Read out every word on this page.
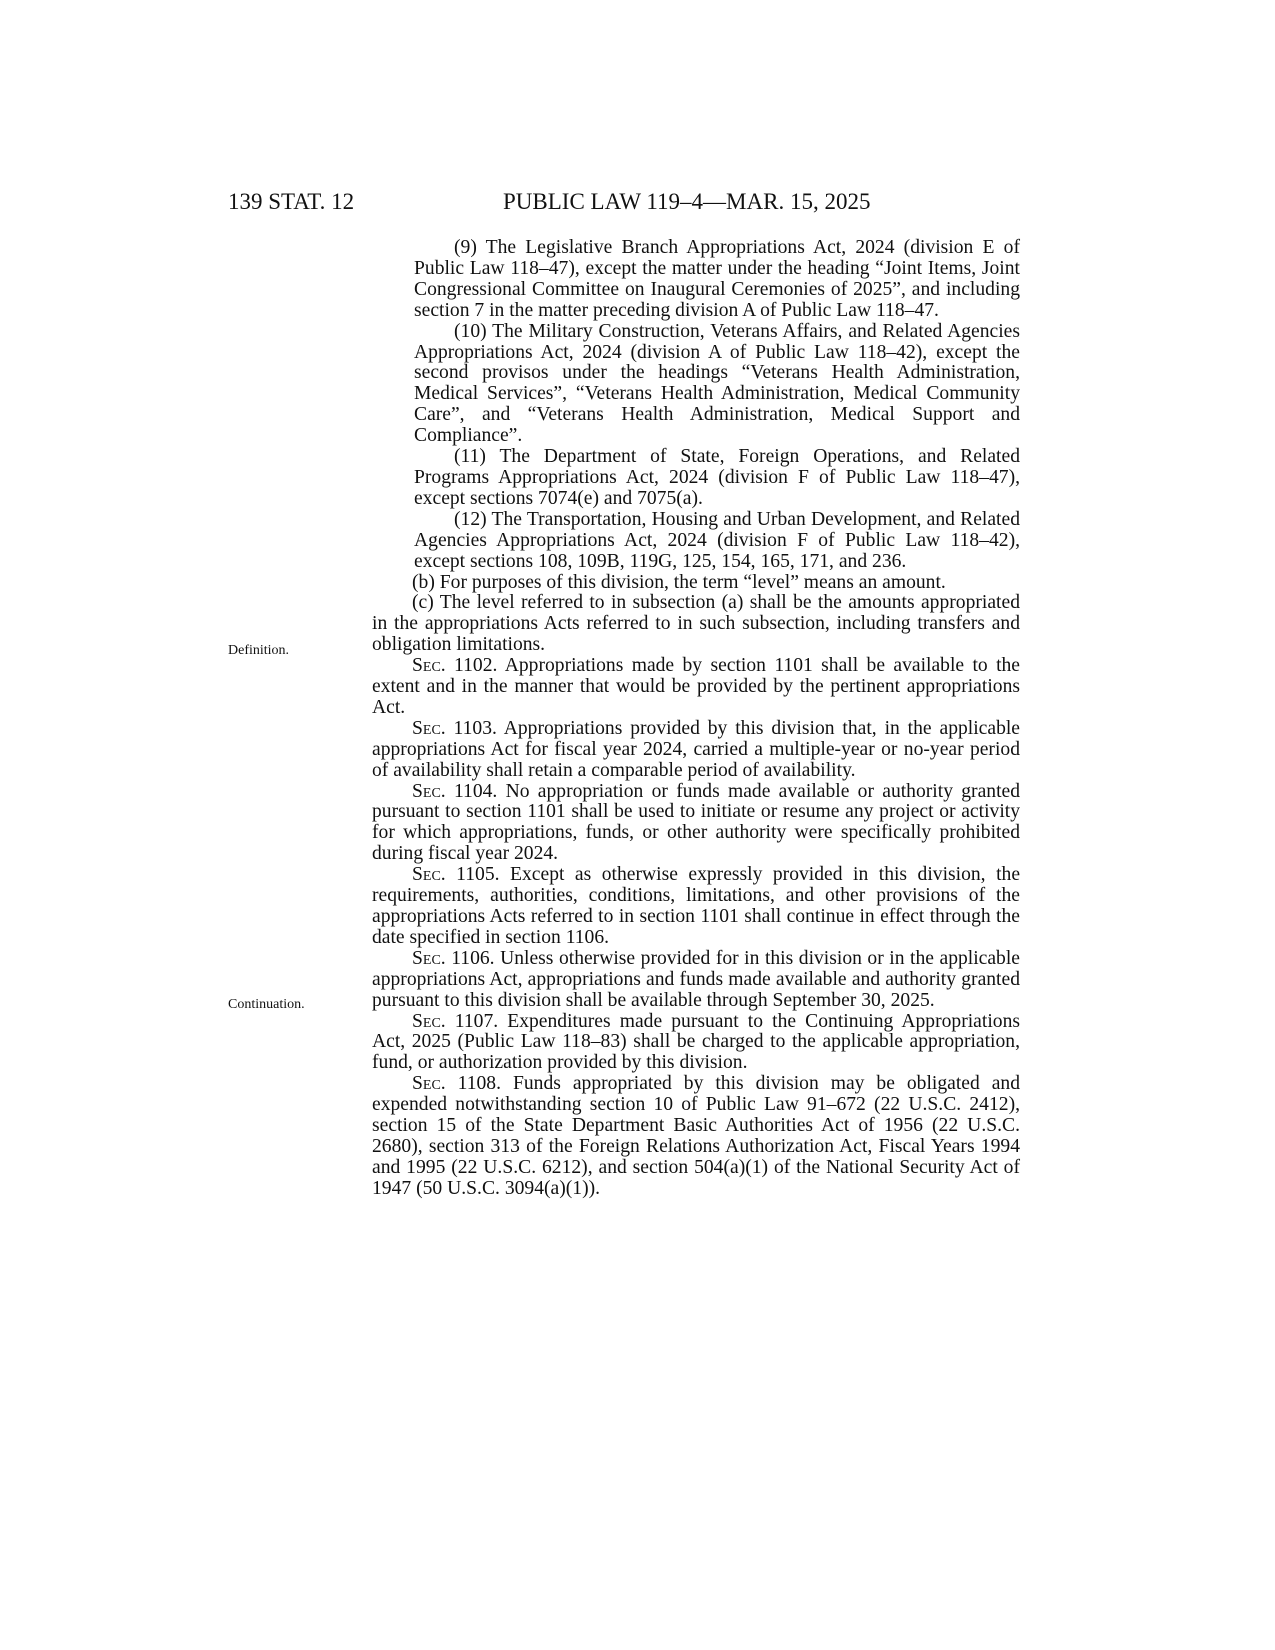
139 STAT. 12	PUBLIC LAW 119–4—MAR. 15, 2025
Definition.
Continuation.

(9) The Legislative Branch Appropriations Act, 2024 (division E of Public Law 118–47), except the matter under the heading “Joint Items, Joint Congressional Committee on Inaugural Ceremonies of 2025”, and including section 7 in the matter preceding division A of Public Law 118–47.

(10) The Military Construction, Veterans Affairs, and Related Agencies Appropriations Act, 2024 (division A of Public Law 118–42), except the second provisos under the headings “Veterans Health Administration, Medical Services”, “Veterans Health Administration, Medical Community Care”, and “Veterans Health Administration, Medical Support and Compliance”.

(11) The Department of State, Foreign Operations, and Related Programs Appropriations Act, 2024 (division F of Public Law 118–47), except sections 7074(e) and 7075(a).

(12) The Transportation, Housing and Urban Development, and Related Agencies Appropriations Act, 2024 (division F of Public Law 118–42), except sections 108, 109B, 119G, 125, 154, 165, 171, and 236.

(b) For purposes of this division, the term “level” means an amount.

(c) The level referred to in subsection (a) shall be the amounts appropriated in the appropriations Acts referred to in such subsection, including transfers and obligation limitations.

Sec. 1102. Appropriations made by section 1101 shall be available to the extent and in the manner that would be provided by the pertinent appropriations Act.

Sec. 1103. Appropriations provided by this division that, in the applicable appropriations Act for fiscal year 2024, carried a multiple-year or no-year period of availability shall retain a comparable period of availability.

Sec. 1104. No appropriation or funds made available or authority granted pursuant to section 1101 shall be used to initiate or resume any project or activity for which appropriations, funds, or other authority were specifically prohibited during fiscal year 2024.

Sec. 1105. Except as otherwise expressly provided in this division, the requirements, authorities, conditions, limitations, and other provisions of the appropriations Acts referred to in section 1101 shall continue in effect through the date specified in section 1106.

Sec. 1106. Unless otherwise provided for in this division or in the applicable appropriations Act, appropriations and funds made available and authority granted pursuant to this division shall be available through September 30, 2025.

Sec. 1107. Expenditures made pursuant to the Continuing Appropriations Act, 2025 (Public Law 118–83) shall be charged to the applicable appropriation, fund, or authorization provided by this division.

Sec. 1108. Funds appropriated by this division may be obligated and expended notwithstanding section 10 of Public Law 91–672 (22 U.S.C. 2412), section 15 of the State Department Basic Authorities Act of 1956 (22 U.S.C. 2680), section 313 of the Foreign Relations Authorization Act, Fiscal Years 1994 and 1995 (22 U.S.C. 6212), and section 504(a)(1) of the National Security Act of 1947 (50 U.S.C. 3094(a)(1)).
